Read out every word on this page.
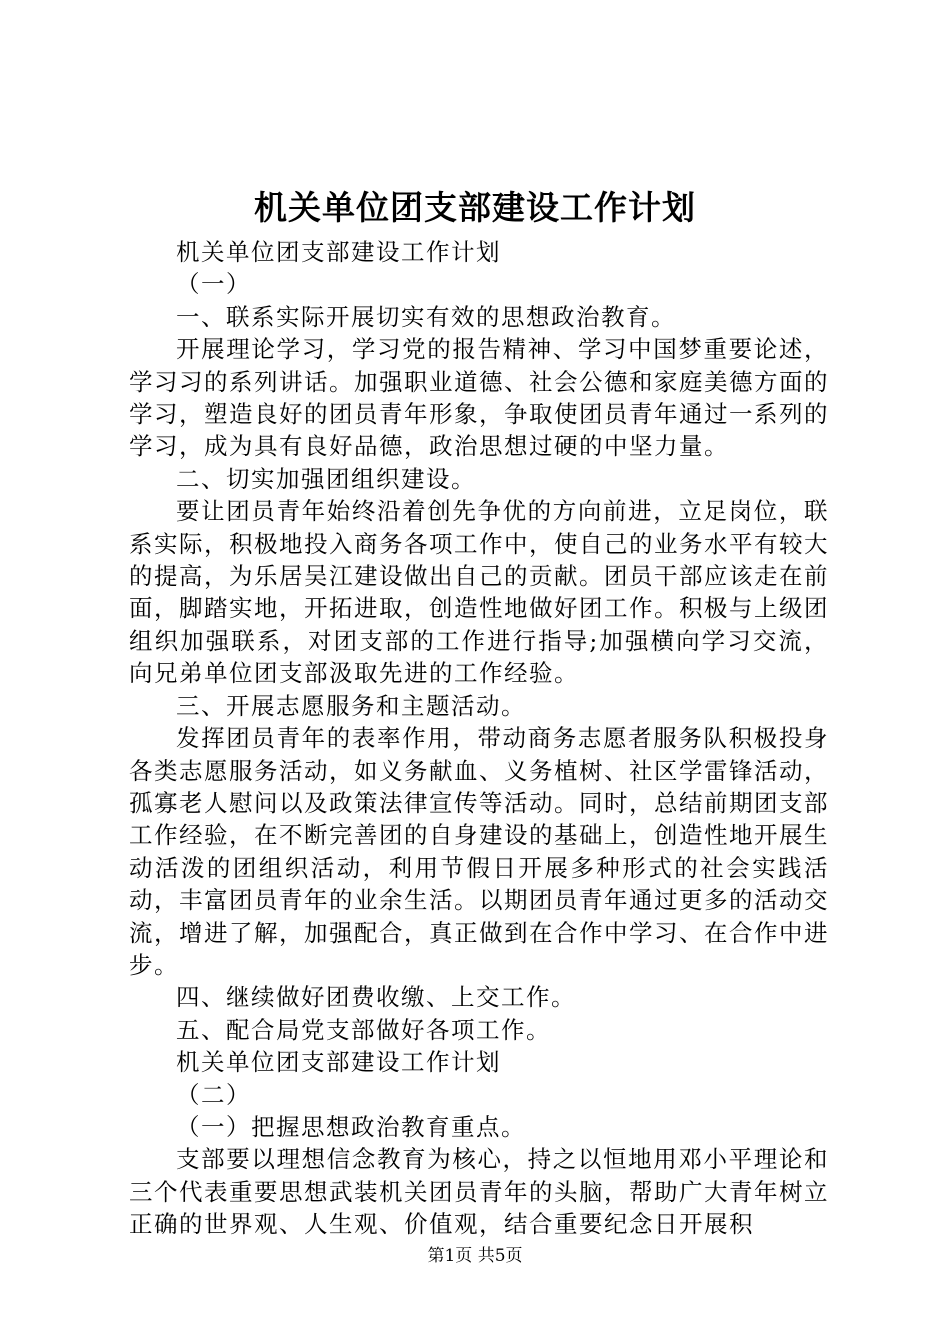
机关单位团支部建设工作计划

机关单位团支部建设工作计划

（一）

一、联系实际开展切实有效的思想政治教育。

开展理论学习，学习党的报告精神、学习中国梦重要论述，学习习的系列讲话。加强职业道德、社会公德和家庭美德方面的学习，塑造良好的团员青年形象，争取使团员青年通过一系列的学习，成为具有良好品德，政治思想过硬的中坚力量。

二、切实加强团组织建设。

要让团员青年始终沿着创先争优的方向前进，立足岗位，联系实际，积极地投入商务各项工作中，使自己的业务水平有较大的提高，为乐居吴江建设做出自己的贡献。团员干部应该走在前面，脚踏实地，开拓进取，创造性地做好团工作。积极与上级团组织加强联系，对团支部的工作进行指导;加强横向学习交流，向兄弟单位团支部汲取先进的工作经验。

三、开展志愿服务和主题活动。

发挥团员青年的表率作用，带动商务志愿者服务队积极投身各类志愿服务活动，如义务献血、义务植树、社区学雷锋活动，孤寡老人慰问以及政策法律宣传等活动。同时，总结前期团支部工作经验，在不断完善团的自身建设的基础上，创造性地开展生动活泼的团组织活动，利用节假日开展多种形式的社会实践活动，丰富团员青年的业余生活。以期团员青年通过更多的活动交流，增进了解，加强配合，真正做到在合作中学习、在合作中进步。

四、继续做好团费收缴、上交工作。

五、配合局党支部做好各项工作。

机关单位团支部建设工作计划

（二）

（一）把握思想政治教育重点。

支部要以理想信念教育为核心，持之以恒地用邓小平理论和三个代表重要思想武装机关团员青年的头脑，帮助广大青年树立正确的世界观、人生观、价值观，结合重要纪念日开展积

第1页 共5页
